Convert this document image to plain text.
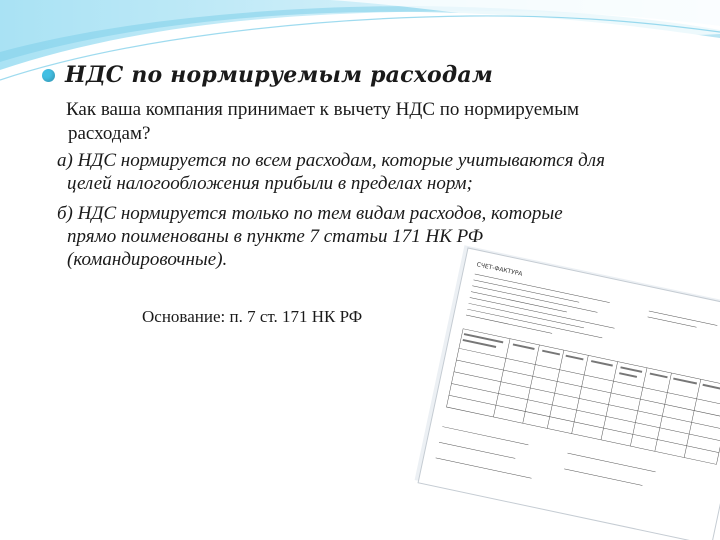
НДС по нормируемым расходам
Как ваша компания принимает к вычету НДС по нормируемым
расходам?
а) НДС нормируется по всем расходам, которые учитываются для
целей налогообложения прибыли в пределах норм;
б) НДС нормируется только по тем видам расходов, которые
прямо поименованы в пункте 7 статьи 171 НК РФ
(командировочные).
Основание: п. 7 ст. 171 НК РФ
СЧЕТ-ФАКТУРА
